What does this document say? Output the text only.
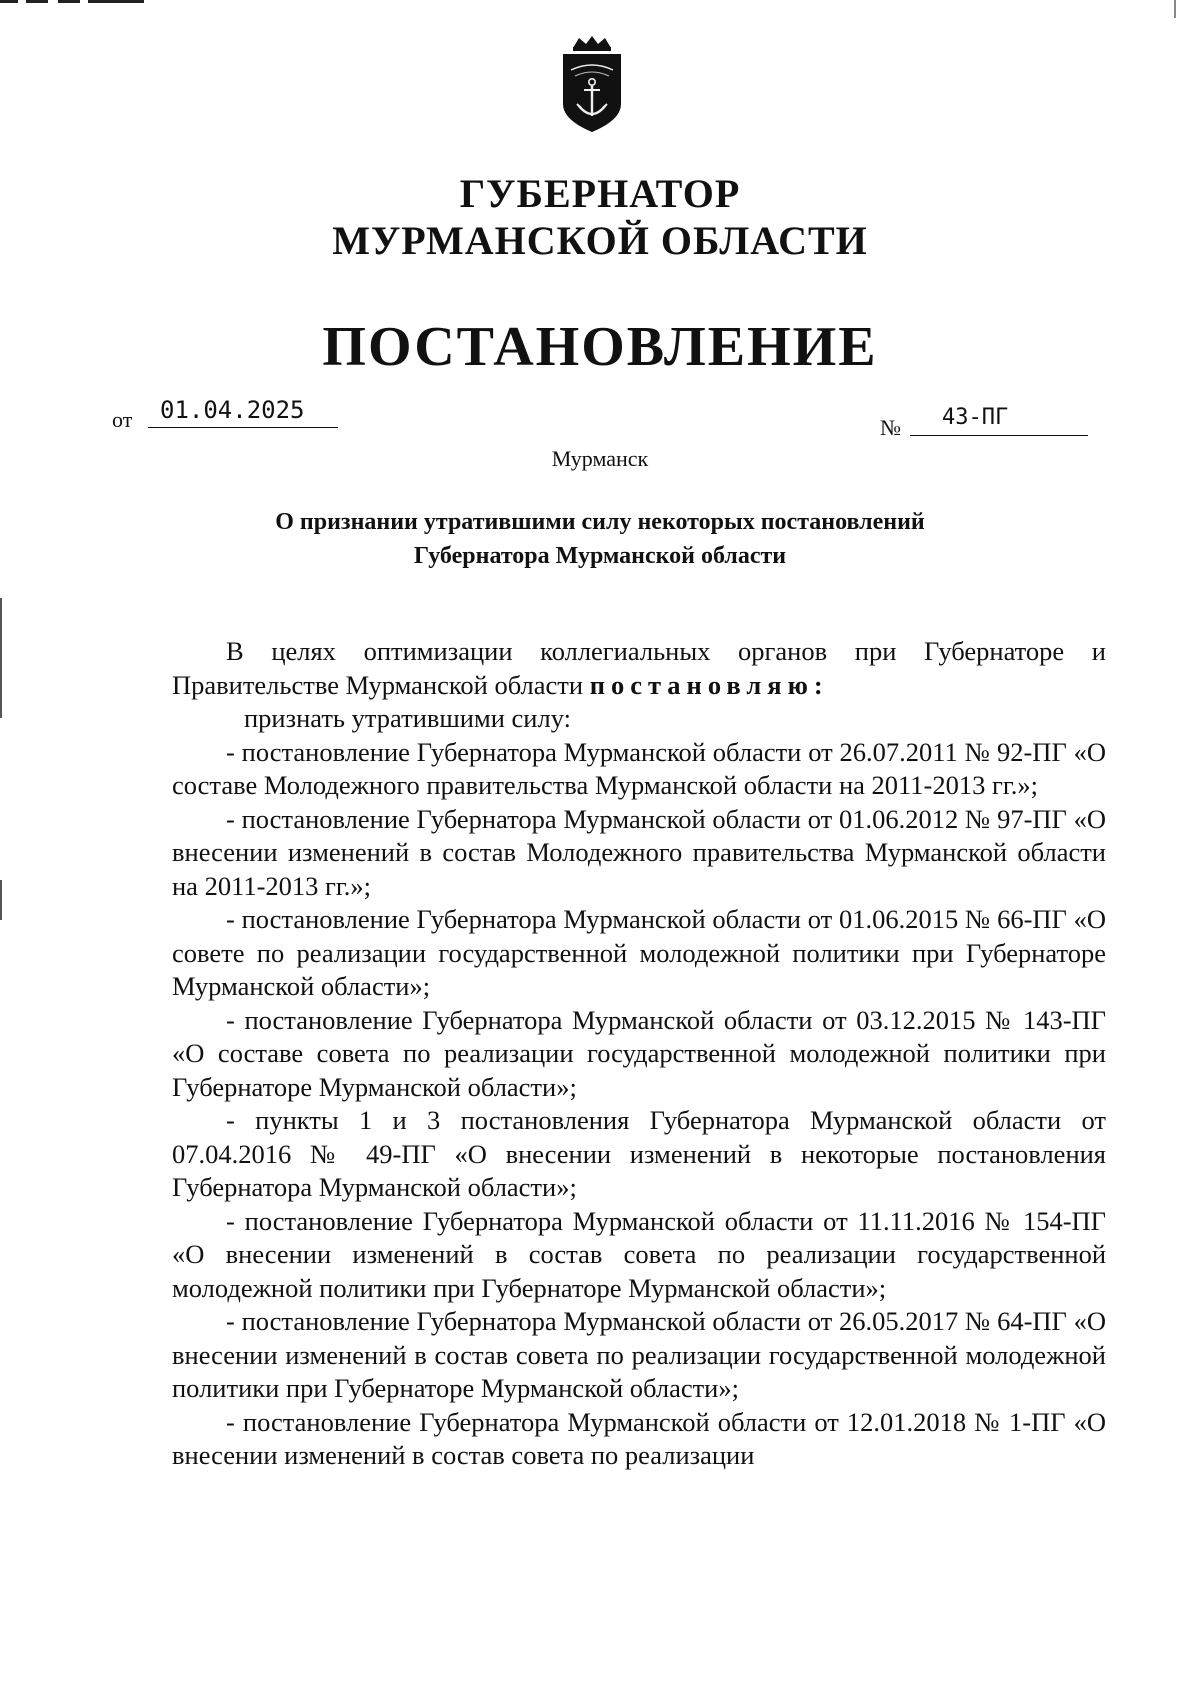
ГУБЕРНАТОР
МУРМАНСКОЙ ОБЛАСТИ
ПОСТАНОВЛЕНИЕ
от	01.04.2025
№	43-ПГ
Мурманск
О признании утратившими силу некоторых постановлений
Губернатора Мурманской области

В целях оптимизации коллегиальных органов при Губернаторе и Правительстве Мурманской области постановляю:

признать утратившими силу:

- постановление Губернатора Мурманской области от 26.07.2011 № 92-ПГ «О составе Молодежного правительства Мурманской области на 2011-2013 гг.»;

- постановление Губернатора Мурманской области от 01.06.2012 № 97-ПГ «О внесении изменений в состав Молодежного правительства Мурманской области на 2011-2013 гг.»;

- постановление Губернатора Мурманской области от 01.06.2015 № 66-ПГ «О совете по реализации государственной молодежной политики при Губернаторе Мурманской области»;

- постановление Губернатора Мурманской области от 03.12.2015 № 143-ПГ «О составе совета по реализации государственной молодежной политики при Губернаторе Мурманской области»;

- пункты 1 и 3 постановления Губернатора Мурманской области от 07.04.2016 № 49-ПГ «О внесении изменений в некоторые постановления Губернатора Мурманской области»;

- постановление Губернатора Мурманской области от 11.11.2016 № 154-ПГ «О внесении изменений в состав совета по реализации государственной молодежной политики при Губернаторе Мурманской области»;

- постановление Губернатора Мурманской области от 26.05.2017 № 64-ПГ «О внесении изменений в состав совета по реализации государственной молодежной политики при Губернаторе Мурманской области»;

- постановление Губернатора Мурманской области от 12.01.2018 № 1-ПГ «О внесении изменений в состав совета по реализации
